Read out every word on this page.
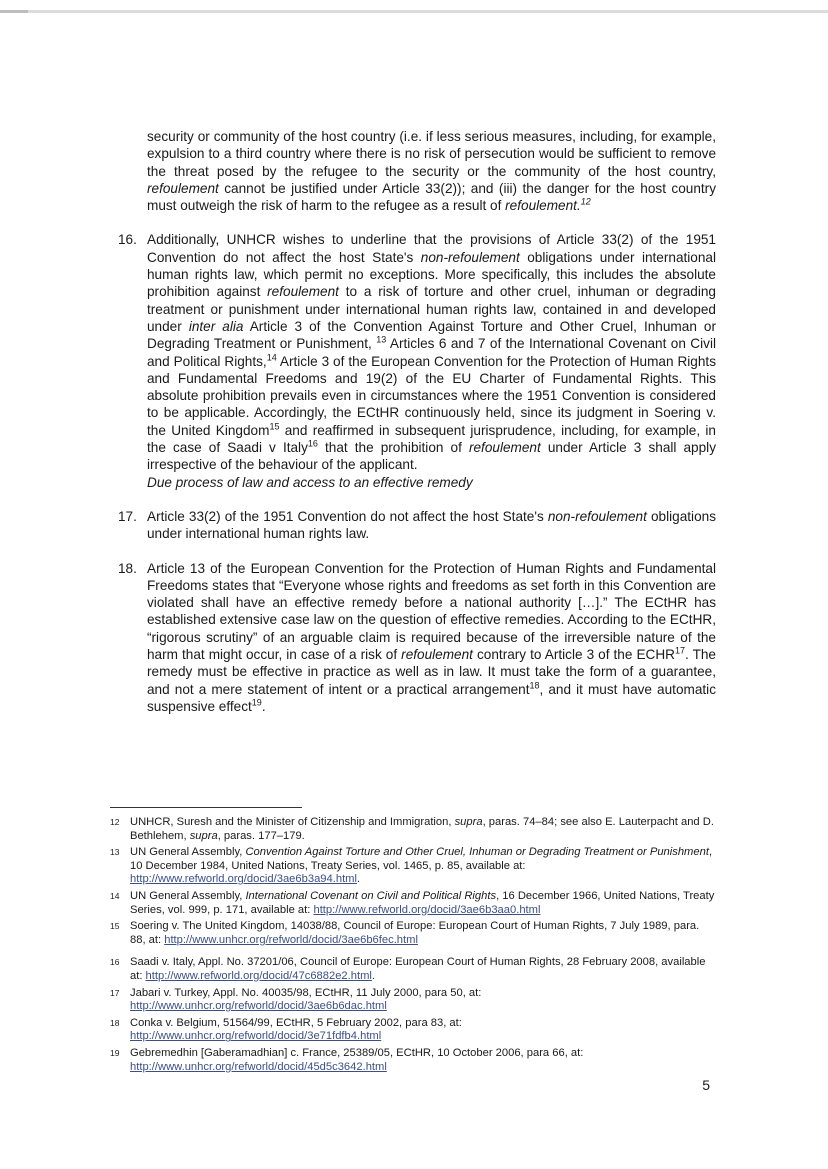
security or community of the host country (i.e. if less serious measures, including, for example, expulsion to a third country where there is no risk of persecution would be sufficient to remove the threat posed by the refugee to the security or the community of the host country, refoulement cannot be justified under Article 33(2)); and (iii) the danger for the host country must outweigh the risk of harm to the refugee as a result of refoulement.$^{12}$

16. Additionally, UNHCR wishes to underline that the provisions of Article 33(2) of the 1951 Convention do not affect the host State's non-refoulement obligations under international human rights law, which permit no exceptions. More specifically, this includes the absolute prohibition against refoulement to a risk of torture and other cruel, inhuman or degrading treatment or punishment under international human rights law, contained in and developed under inter alia Article 3 of the Convention Against Torture and Other Cruel, Inhuman or Degrading Treatment or Punishment, $^{13}$ Articles 6 and 7 of the International Covenant on Civil and Political Rights,$^{14}$ Article 3 of the European Convention for the Protection of Human Rights and Fundamental Freedoms and 19(2) of the EU Charter of Fundamental Rights. This absolute prohibition prevails even in circumstances where the 1951 Convention is considered to be applicable. Accordingly, the ECtHR continuously held, since its judgment in Soering v. the United Kingdom$^{15}$ and reaffirmed in subsequent jurisprudence, including, for example, in the case of Saadi v Italy$^{16}$ that the prohibition of refoulement under Article 3 shall apply irrespective of the behaviour of the applicant.

Due process of law and access to an effective remedy

17. Article 33(2) of the 1951 Convention do not affect the host State's non-refoulement obligations under international human rights law.

18. Article 13 of the European Convention for the Protection of Human Rights and Fundamental Freedoms states that “Everyone whose rights and freedoms as set forth in this Convention are violated shall have an effective remedy before a national authority […].” The ECtHR has established extensive case law on the question of effective remedies. According to the ECtHR, “rigorous scrutiny” of an arguable claim is required because of the irreversible nature of the harm that might occur, in case of a risk of refoulement contrary to Article 3 of the ECHR$^{17}$. The remedy must be effective in practice as well as in law. It must take the form of a guarantee, and not a mere statement of intent or a practical arrangement$^{18}$, and it must have automatic suspensive effect$^{19}$.

12 UNHCR, Suresh and the Minister of Citizenship and Immigration, supra, paras. 74–84; see also E. Lauterpacht and D. Bethlehem, supra, paras. 177–179.
13 UN General Assembly, Convention Against Torture and Other Cruel, Inhuman or Degrading Treatment or Punishment, 10 December 1984, United Nations, Treaty Series, vol. 1465, p. 85, available at: http://www.refworld.org/docid/3ae6b3a94.html.
14 UN General Assembly, International Covenant on Civil and Political Rights, 16 December 1966, United Nations, Treaty Series, vol. 999, p. 171, available at: http://www.refworld.org/docid/3ae6b3aa0.html
15 Soering v. The United Kingdom, 14038/88, Council of Europe: European Court of Human Rights, 7 July 1989, para. 88, at: http://www.unhcr.org/refworld/docid/3ae6b6fec.html
16 Saadi v. Italy, Appl. No. 37201/06, Council of Europe: European Court of Human Rights, 28 February 2008, available at: http://www.refworld.org/docid/47c6882e2.html.
17 Jabari v. Turkey, Appl. No. 40035/98, ECtHR, 11 July 2000, para 50, at: http://www.unhcr.org/refworld/docid/3ae6b6dac.html
18 Conka v. Belgium, 51564/99, ECtHR, 5 February 2002, para 83, at: http://www.unhcr.org/refworld/docid/3e71fdfb4.html
19 Gebremedhin [Gaberamadhian] c. France, 25389/05, ECtHR, 10 October 2006, para 66, at: http://www.unhcr.org/refworld/docid/45d5c3642.html
5
